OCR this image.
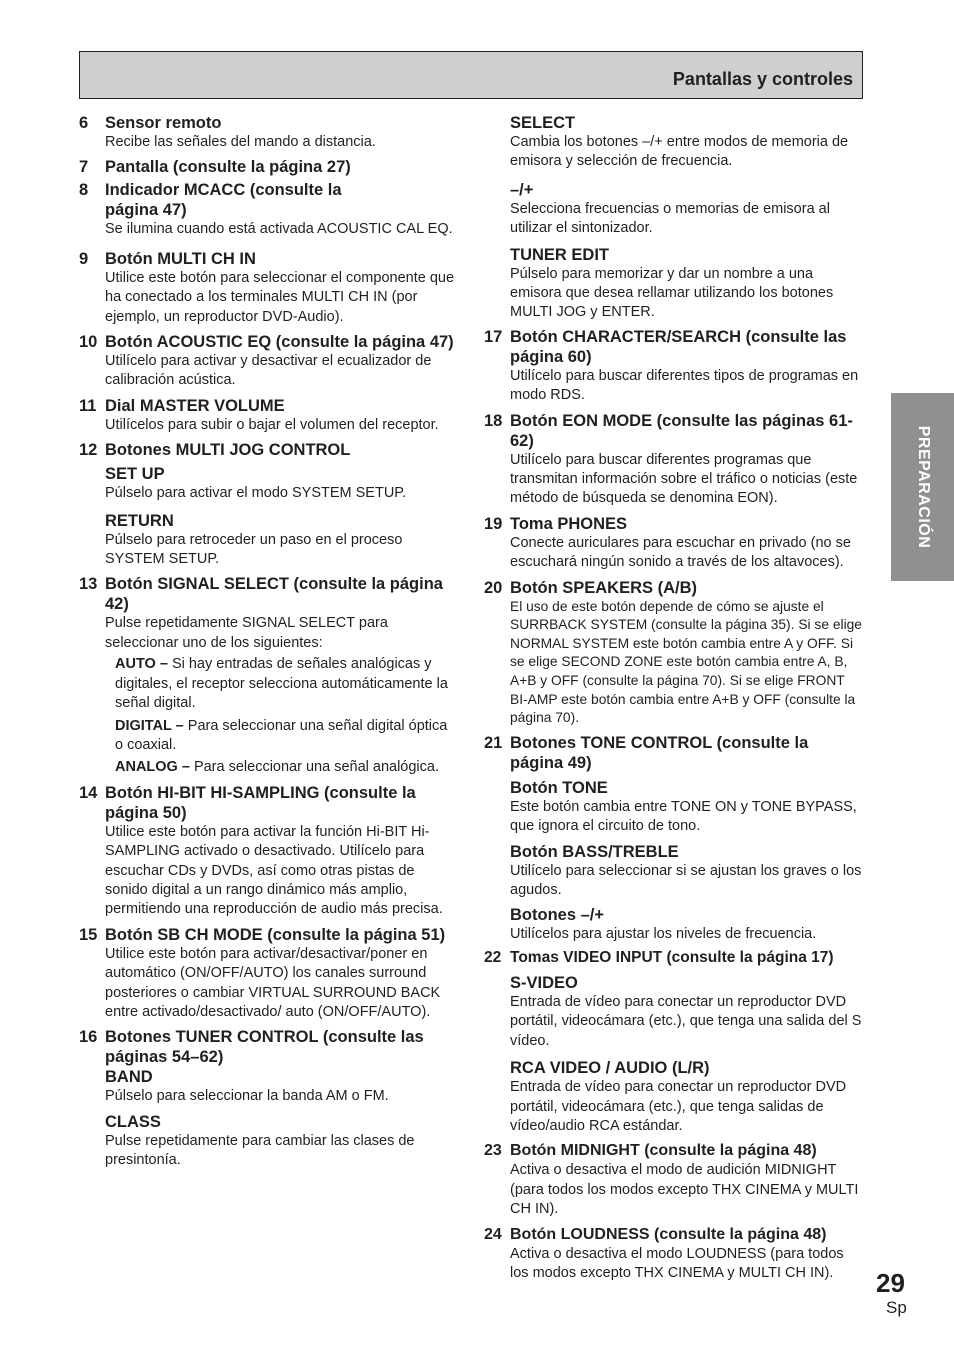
Pantallas y controles
6 Sensor remoto
Recibe las señales del mando a distancia.
7 Pantalla (consulte la página 27)
8 Indicador MCACC (consulte la página 47)
Se ilumina cuando está activada ACOUSTIC CAL EQ.
9 Botón MULTI CH IN
Utilice este botón para seleccionar el componente que ha conectado a los terminales MULTI CH IN (por ejemplo, un reproductor DVD-Audio).
10 Botón ACOUSTIC EQ (consulte la página 47)
Utilícelo para activar y desactivar el ecualizador de calibración acústica.
11 Dial MASTER VOLUME
Utilícelos para subir o bajar el volumen del receptor.
12 Botones MULTI JOG CONTROL
SET UP
Púlselo para activar el modo SYSTEM SETUP.
RETURN
Púlselo para retroceder un paso en el proceso SYSTEM SETUP.
13 Botón SIGNAL SELECT (consulte la página 42)
Pulse repetidamente SIGNAL SELECT para seleccionar uno de los siguientes:
AUTO – Si hay entradas de señales analógicas y digitales, el receptor selecciona automáticamente la señal digital.
DIGITAL – Para seleccionar una señal digital óptica o coaxial.
ANALOG – Para seleccionar una señal analógica.
14 Botón HI-BIT HI-SAMPLING (consulte la página 50)
Utilice este botón para activar la función Hi-BIT Hi-SAMPLING activado o desactivado. Utilícelo para escuchar CDs y DVDs, así como otras pistas de sonido digital a un rango dinámico más amplio, permitiendo una reproducción de audio más precisa.
15 Botón SB CH MODE (consulte la página 51)
Utilice este botón para activar/desactivar/poner en automático (ON/OFF/AUTO) los canales surround posteriores o cambiar VIRTUAL SURROUND BACK entre activado/desactivado/ auto (ON/OFF/AUTO).
16 Botones TUNER CONTROL (consulte las páginas 54–62)
BAND
Púlselo para seleccionar la banda AM o FM.
CLASS
Pulse repetidamente para cambiar las clases de presintonía.
SELECT
Cambia los botones –/+ entre modos de memoria de emisora y selección de frecuencia.
–/+
Selecciona frecuencias o memorias de emisora al utilizar el sintonizador.
TUNER EDIT
Púlselo para memorizar y dar un nombre a una emisora que desea rellamar utilizando los botones MULTI JOG y ENTER.
17 Botón CHARACTER/SEARCH (consulte las página 60)
Utilícelo para buscar diferentes tipos de programas en modo RDS.
18 Botón EON MODE (consulte las páginas 61-62)
Utilícelo para buscar diferentes programas que transmitan información sobre el tráfico o noticias (este método de búsqueda se denomina EON).
19 Toma PHONES
Conecte auriculares para escuchar en privado (no se escuchará ningún sonido a través de los altavoces).
20 Botón SPEAKERS (A/B)
El uso de este botón depende de cómo se ajuste el SURRBACK SYSTEM (consulte la página 35). Si se elige NORMAL SYSTEM este botón cambia entre A y OFF. Si se elige SECOND ZONE este botón cambia entre A, B, A+B y OFF (consulte la página 70). Si se elige FRONT BI-AMP este botón cambia entre A+B y OFF (consulte la página 70).
21 Botones TONE CONTROL (consulte la página 49)
Botón TONE
Este botón cambia entre TONE ON y TONE BYPASS, que ignora el circuito de tono.
Botón BASS/TREBLE
Utilícelo para seleccionar si se ajustan los graves o los agudos.
Botones –/+
Utilícelos para ajustar los niveles de frecuencia.
22 Tomas VIDEO INPUT (consulte la página 17)
S-VIDEO
Entrada de vídeo para conectar un reproductor DVD portátil, videocámara (etc.), que tenga una salida del S vídeo.
RCA VIDEO / AUDIO (L/R)
Entrada de vídeo para conectar un reproductor DVD portátil, videocámara (etc.), que tenga salidas de vídeo/audio RCA estándar.
23 Botón MIDNIGHT (consulte la página 48)
Activa o desactiva el modo de audición MIDNIGHT (para todos los modos excepto THX CINEMA y MULTI CH IN).
24 Botón LOUDNESS (consulte la página 48)
Activa o desactiva el modo LOUDNESS (para todos los modos excepto THX CINEMA y MULTI CH IN).
PREPARACIÓN
29
Sp
